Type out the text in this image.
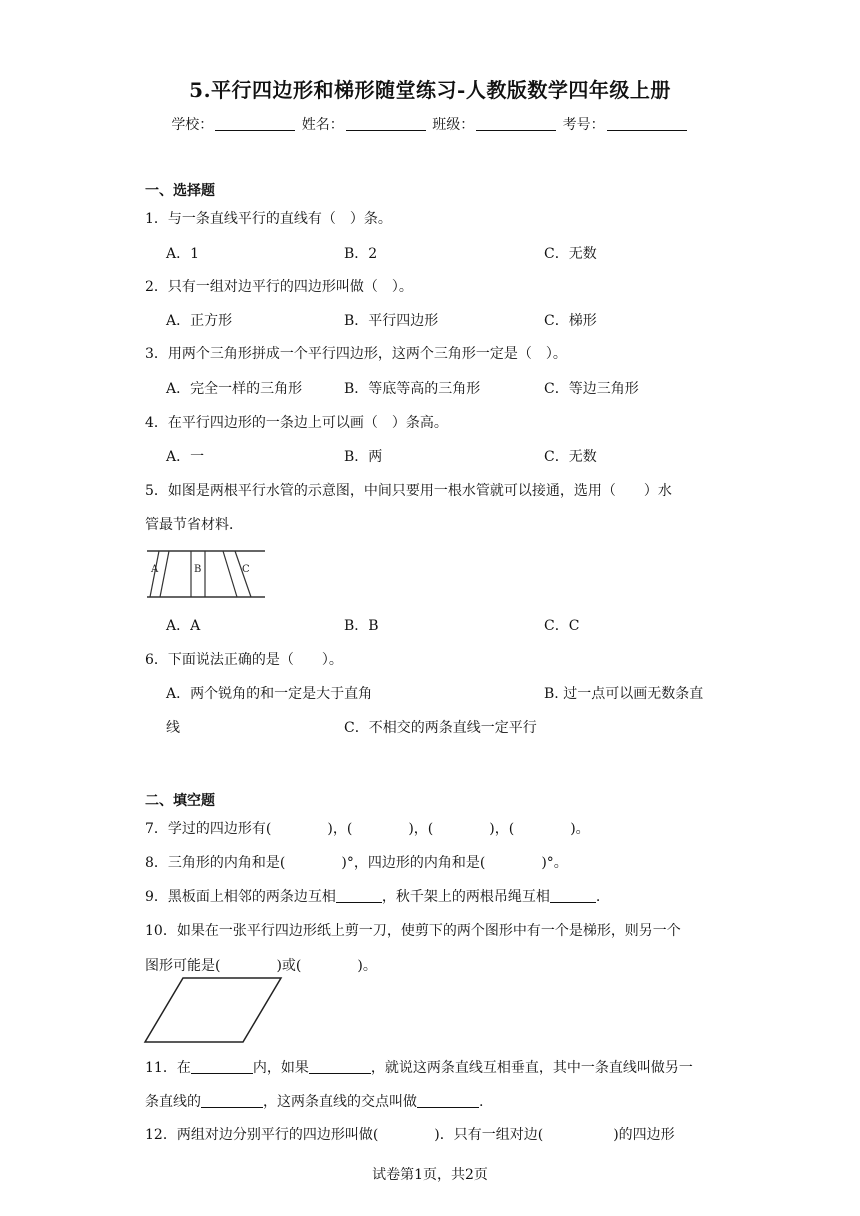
5.平行四边形和梯形随堂练习-人教版数学四年级上册
学校：	姓名：	班级：	考号：
一、选择题
1．与一条直线平行的直线有（　）条。
A．1	B．2	C．无数
2．只有一组对边平行的四边形叫做（　）。
A．正方形	B．平行四边形	C．梯形
3．用两个三角形拼成一个平行四边形，这两个三角形一定是（　）。
A．完全一样的三角形	B．等底等高的三角形	C．等边三角形
4．在平行四边形的一条边上可以画（　）条高。
A．一	B．两	C．无数
5．如图是两根平行水管的示意图，中间只要用一根水管就可以接通，选用（　　）水
管最节省材料．
A	B	C
A．A	B．B	C．C
6．下面说法正确的是（　　）。
A．两个锐角的和一定是大于直角	B. 过一点可以画无数条直
线	C．不相交的两条直线一定平行
二、填空题
7．学过的四边形有(	)，(	)，(	)，(	)。
8．三角形的内角和是(	)°，四边形的内角和是(	)°。
9．黑板面上相邻的两条边互相	，秋千架上的两根吊绳互相	.
10．如果在一张平行四边形纸上剪一刀，使剪下的两个图形中有一个是梯形，则另一个
图形可能是(	)或(	)。
11．在	内，如果	，就说这两条直线互相垂直，其中一条直线叫做另一
条直线的	，这两条直线的交点叫做	.
12．两组对边分别平行的四边形叫做(	)．只有一组对边(	)的四边形
试卷第1页，共2页
